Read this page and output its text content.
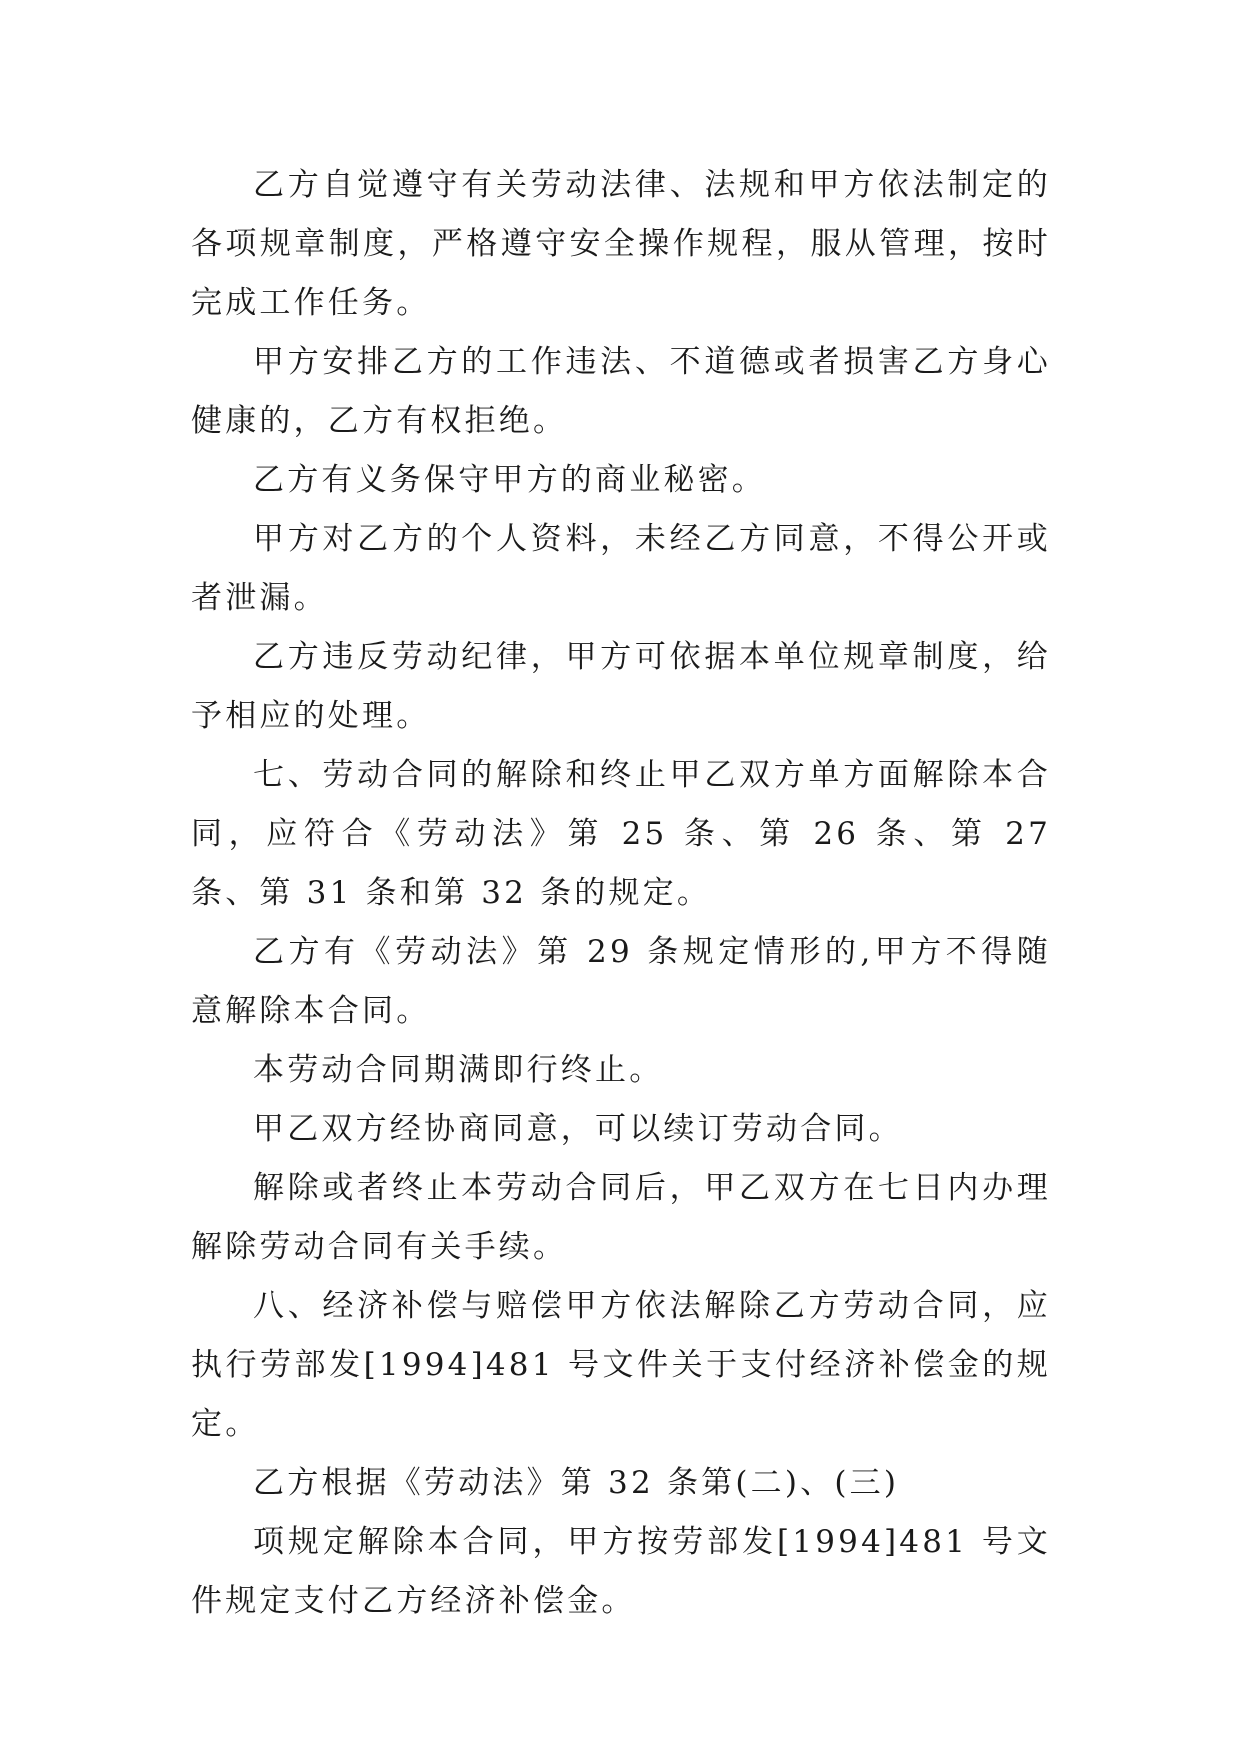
乙方自觉遵守有关劳动法律、法规和甲方依法制定的各项规章制度，严格遵守安全操作规程，服从管理，按时完成工作任务。

甲方安排乙方的工作违法、不道德或者损害乙方身心健康的，乙方有权拒绝。

乙方有义务保守甲方的商业秘密。

甲方对乙方的个人资料，未经乙方同意，不得公开或者泄漏。

乙方违反劳动纪律，甲方可依据本单位规章制度，给予相应的处理。

七、劳动合同的解除和终止甲乙双方单方面解除本合同，应符合《劳动法》第 25 条、第 26 条、第 27 条、第 31 条和第 32 条的规定。

乙方有《劳动法》第 29 条规定情形的,甲方不得随意解除本合同。

本劳动合同期满即行终止。

甲乙双方经协商同意，可以续订劳动合同。

解除或者终止本劳动合同后，甲乙双方在七日内办理解除劳动合同有关手续。

八、经济补偿与赔偿甲方依法解除乙方劳动合同，应执行劳部发[1994]481 号文件关于支付经济补偿金的规定。

乙方根据《劳动法》第 32 条第(二)、(三)

项规定解除本合同，甲方按劳部发[1994]481 号文件规定支付乙方经济补偿金。
